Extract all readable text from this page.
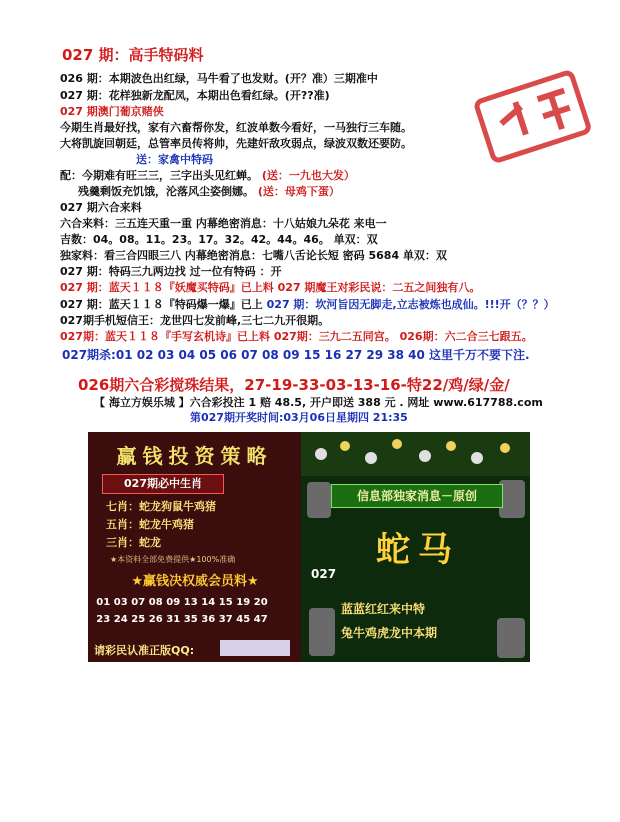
027 期：高手特码料
026 期：本期波色出红绿，马牛看了也发财。(开？准）三期准中
027 期：花样独新龙配凤，本期出色看红绿。(开??准)
027 期澳门葡京赌侠
今期生肖最好找，家有六畜帮你发，红波单数今看好，一马独行三车随。
大将凯旋回朝廷，总管率员传将帅，先建奸敌攻弱点，绿波双数还要防。
送：家禽中特码
配：今期难有旺三三，三字出头见红蝉。 (送：一九也大发）
残羹剩饭充饥饿，沦落风尘姿倒娜。 (送：母鸡下蛋）
027 期六合来料
六合来料：三五连天重一重 内幕绝密消息：十八姑娘九朵花 来电一
吉数：04。08。11。23。17。32。42。44。46。 单双：双
独家料：看三合四眼三八 内幕绝密消息：七嘴八舌论长短 密码 5684 单双：双
027 期：特码三九两边找 过一位有特码 ：开
027 期：蓝天１１８『妖魔买特码』已上料 027 期魔王对彩民说：二五之间独有八。
027 期：蓝天１１８『特码爆一爆』已上 027 期：坎河旨因无脚走,立志被炼也成仙。!!!开（？？）
027期手机短信王：龙世四七发前峰,三七二九开很期。
027期：蓝天１１８『手写玄机诗』已上料 027期：三九二五同宫。 026期：六二合三七跟五。
027期杀:01 02 03 04 05 06 07 08 09 15 16 27 29 38 40 这里千万不要下注.
026期六合彩搅珠结果，27-19-33-03-13-16-特22/鸡/绿/金/
【 海立方娱乐城 】六合彩投注 1 赔 48.5, 开户即送 388 元 . 网址 www.617788.com
第027期开奖时间:03月06日星期四 21:35
赢钱投资策略
027期必中生肖
七肖：蛇龙狗鼠牛鸡猪
五肖：蛇龙牛鸡猪
三肖：蛇龙
★本资料全部免费提供★100%准确
★赢钱决权威会员料★
01 03 07 08 09 13 14 15 19 20
23 24 25 26 31 35 36 37 45 47
请彩民认准正版QQ:
信息部独家消息－原创
蛇马
027
蓝蓝红红来中特
兔牛鸡虎龙中本期
